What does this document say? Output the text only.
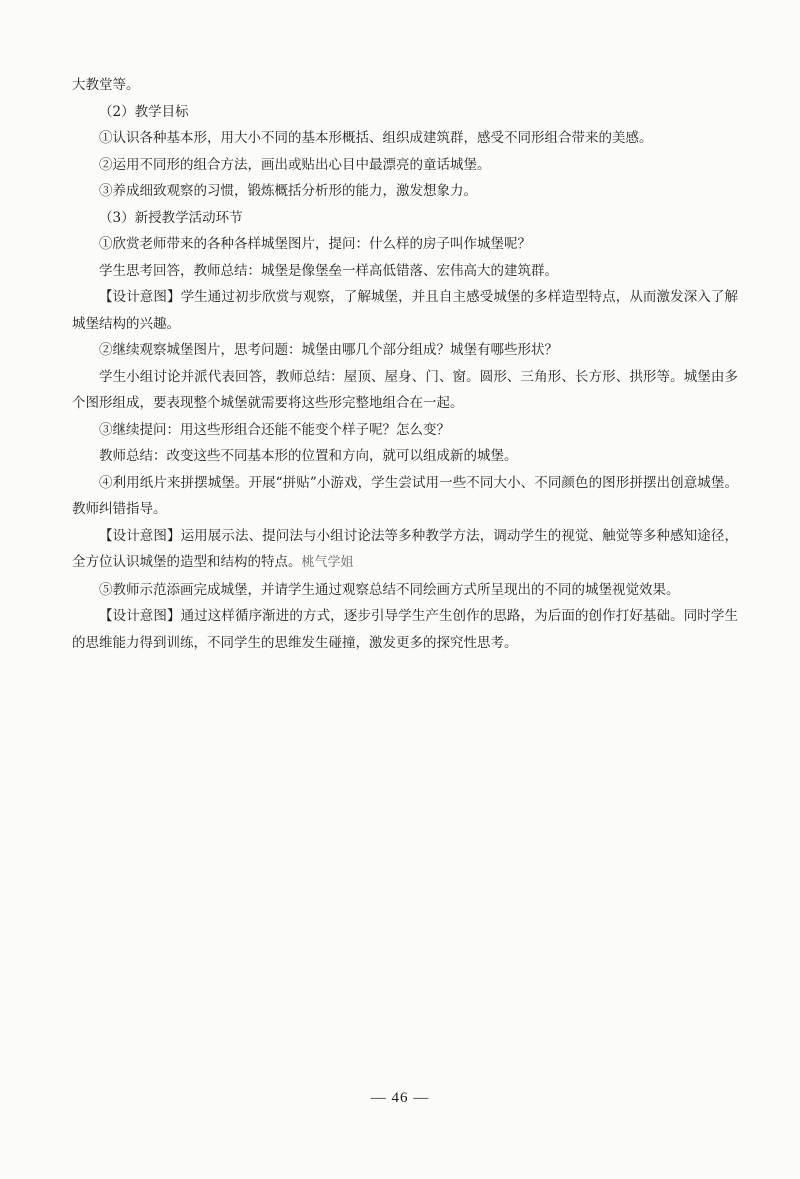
大教堂等。

（2）教学目标

①认识各种基本形，用大小不同的基本形概括、组织成建筑群，感受不同形组合带来的美感。

②运用不同形的组合方法，画出或贴出心目中最漂亮的童话城堡。

③养成细致观察的习惯，锻炼概括分析形的能力，激发想象力。

（3）新授教学活动环节

①欣赏老师带来的各种各样城堡图片，提问：什么样的房子叫作城堡呢？

学生思考回答，教师总结：城堡是像堡垒一样高低错落、宏伟高大的建筑群。

【设计意图】学生通过初步欣赏与观察，了解城堡，并且自主感受城堡的多样造型特点，从而激发深入了解城堡结构的兴趣。

②继续观察城堡图片，思考问题：城堡由哪几个部分组成？城堡有哪些形状？

学生小组讨论并派代表回答，教师总结：屋顶、屋身、门、窗。圆形、三角形、长方形、拱形等。城堡由多个图形组成，要表现整个城堡就需要将这些形完整地组合在一起。

③继续提问：用这些形组合还能不能变个样子呢？怎么变？

教师总结：改变这些不同基本形的位置和方向，就可以组成新的城堡。

④利用纸片来拼摆城堡。开展“拼贴”小游戏，学生尝试用一些不同大小、不同颜色的图形拼摆出创意城堡。教师纠错指导。

【设计意图】运用展示法、提问法与小组讨论法等多种教学方法，调动学生的视觉、触觉等多种感知途径，全方位认识城堡的造型和结构的特点。桃气学姐

⑤教师示范添画完成城堡，并请学生通过观察总结不同绘画方式所呈现出的不同的城堡视觉效果。

【设计意图】通过这样循序渐进的方式，逐步引导学生产生创作的思路，为后面的创作打好基础。同时学生的思维能力得到训练，不同学生的思维发生碰撞，激发更多的探究性思考。

— 46 —
